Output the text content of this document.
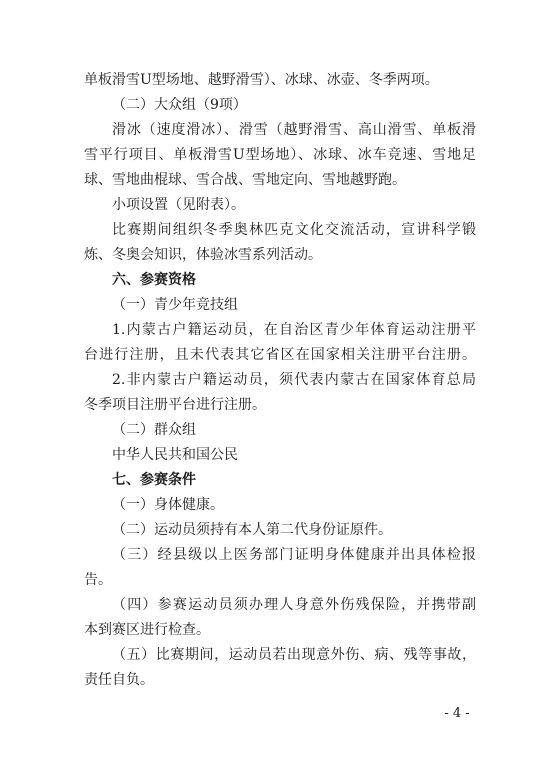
单板滑雪U型场地、越野滑雪）、冰球、冰壶、冬季两项。
（二）大众组（9项）
滑冰（速度滑冰）、滑雪（越野滑雪、高山滑雪、单板滑
雪平行项目、单板滑雪U型场地）、冰球、冰车竞速、雪地足
球、雪地曲棍球、雪合战、雪地定向、雪地越野跑。
小项设置（见附表）。
比赛期间组织冬季奥林匹克文化交流活动，宣讲科学锻
炼、冬奥会知识，体验冰雪系列活动。
六、参赛资格
（一）青少年竞技组
1.内蒙古户籍运动员，在自治区青少年体育运动注册平
台进行注册，且未代表其它省区在国家相关注册平台注册。
2.非内蒙古户籍运动员，须代表内蒙古在国家体育总局
冬季项目注册平台进行注册。
（二）群众组
中华人民共和国公民
七、参赛条件
（一）身体健康。
（二）运动员须持有本人第二代身份证原件。
（三）经县级以上医务部门证明身体健康并出具体检报
告。
（四）参赛运动员须办理人身意外伤残保险，并携带副
本到赛区进行检查。
（五）比赛期间，运动员若出现意外伤、病、残等事故，
责任自负。
- 4 -
